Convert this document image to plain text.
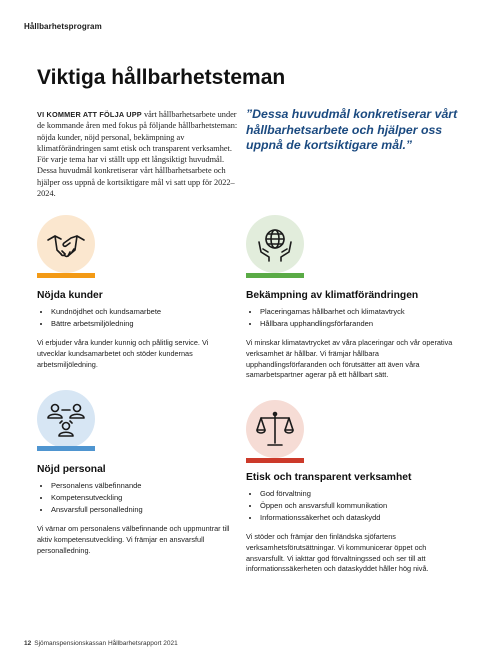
Hållbarhetsprogram
Viktiga hållbarhetsteman

VI KOMMER ATT FÖLJA UPP vårt hållbarhetsarbete under de kommande åren med fokus på följande hållbarhetsteman: nöjda kunder, nöjd personal, bekämpning av klimatförändringen samt etisk och transparent verksamhet. För varje tema har vi ställt upp ett långsiktigt huvudmål. Dessa huvudmål konkretiserar vårt hållbarhetsarbete och hjälper oss uppnå de kortsiktigare mål vi satt upp för 2022–2024.

”Dessa huvudmål konkretiserar vårt hållbarhetsarbete och hjälper oss uppnå de kortsiktigare mål.”

Nöjda kunder
• Kundnöjdhet och kundsamarbete
• Bättre arbetsmiljöledning

Vi erbjuder våra kunder kunnig och pålitlig service. Vi utvecklar kundsamarbetet och stöder kundernas arbetsmiljöledning.

Bekämpning av klimatförändringen
• Placeringarnas hållbarhet och klimatavtryck
• Hållbara upphandlingsförfaranden

Vi minskar klimatavtrycket av våra placeringar och vår operativa verksamhet är hållbar. Vi främjar hållbara upphandlingsförfaranden och förutsätter att även våra samarbetspartner agerar på ett hållbart sätt.

Nöjd personal
• Personalens välbefinnande
• Kompetensutveckling
• Ansvarsfull personalledning

Vi värnar om personalens välbefinnande och uppmuntrar till aktiv kompetensutveckling. Vi främjar en ansvarsfull personalledning.

Etisk och transparent verksamhet
• God förvaltning
• Öppen och ansvarsfull kommunikation
• Informationssäkerhet och dataskydd

Vi stöder och främjar den finländska sjöfartens verksamhetsförutsättningar. Vi kommunicerar öppet och ansvarsfullt. Vi iakttar god förvaltningssed och ser till att informationssäkerheten och dataskyddet håller hög nivå.

12 Sjömanspensionskassan Hållbarhetsrapport 2021
